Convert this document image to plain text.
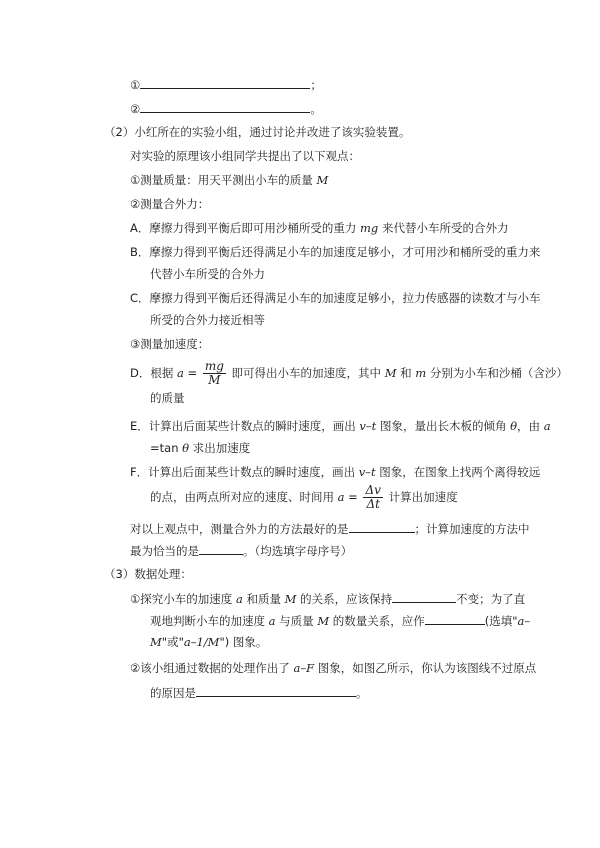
①	；
②	。
（2）小红所在的实验小组，通过讨论并改进了该实验装置。
对实验的原理该小组同学共提出了以下观点：
①测量质量：用天平测出小车的质量 M
②测量合外力：
A．摩擦力得到平衡后即可用沙桶所受的重力 mg 来代替小车所受的合外力
B．摩擦力得到平衡后还得满足小车的加速度足够小，才可用沙和桶所受的重力来
代替小车所受的合外力
C．摩擦力得到平衡后还得满足小车的加速度足够小，拉力传感器的读数才与小车
所受的合外力接近相等
③测量加速度：
D．根据 $a = \frac{mg}{M}$ 即可得出小车的加速度，其中 M 和 m 分别为小车和沙桶（含沙）
的质量
E．计算出后面某些计数点的瞬时速度，画出 v–t 图象，量出长木板的倾角 θ，由 a
=tan θ 求出加速度
F．计算出后面某些计数点的瞬时速度，画出 v–t 图象，在图象上找两个离得较远
的点，由两点所对应的速度、时间用 $a = \frac{\Delta v}{\Delta t}$ 计算出加速度
对以上观点中，测量合外力的方法最好的是	；计算加速度的方法中
最为恰当的是	。（均选填字母序号）
（3）数据处理：
①探究小车的加速度 a 和质量 M 的关系，应该保持	不变；为了直
观地判断小车的加速度 a 与质量 M 的数量关系，应作	(选填"a–
M"或"a–1/M") 图象。
②该小组通过数据的处理作出了 a–F 图象，如图乙所示，你认为该图线不过原点
的原因是	。
